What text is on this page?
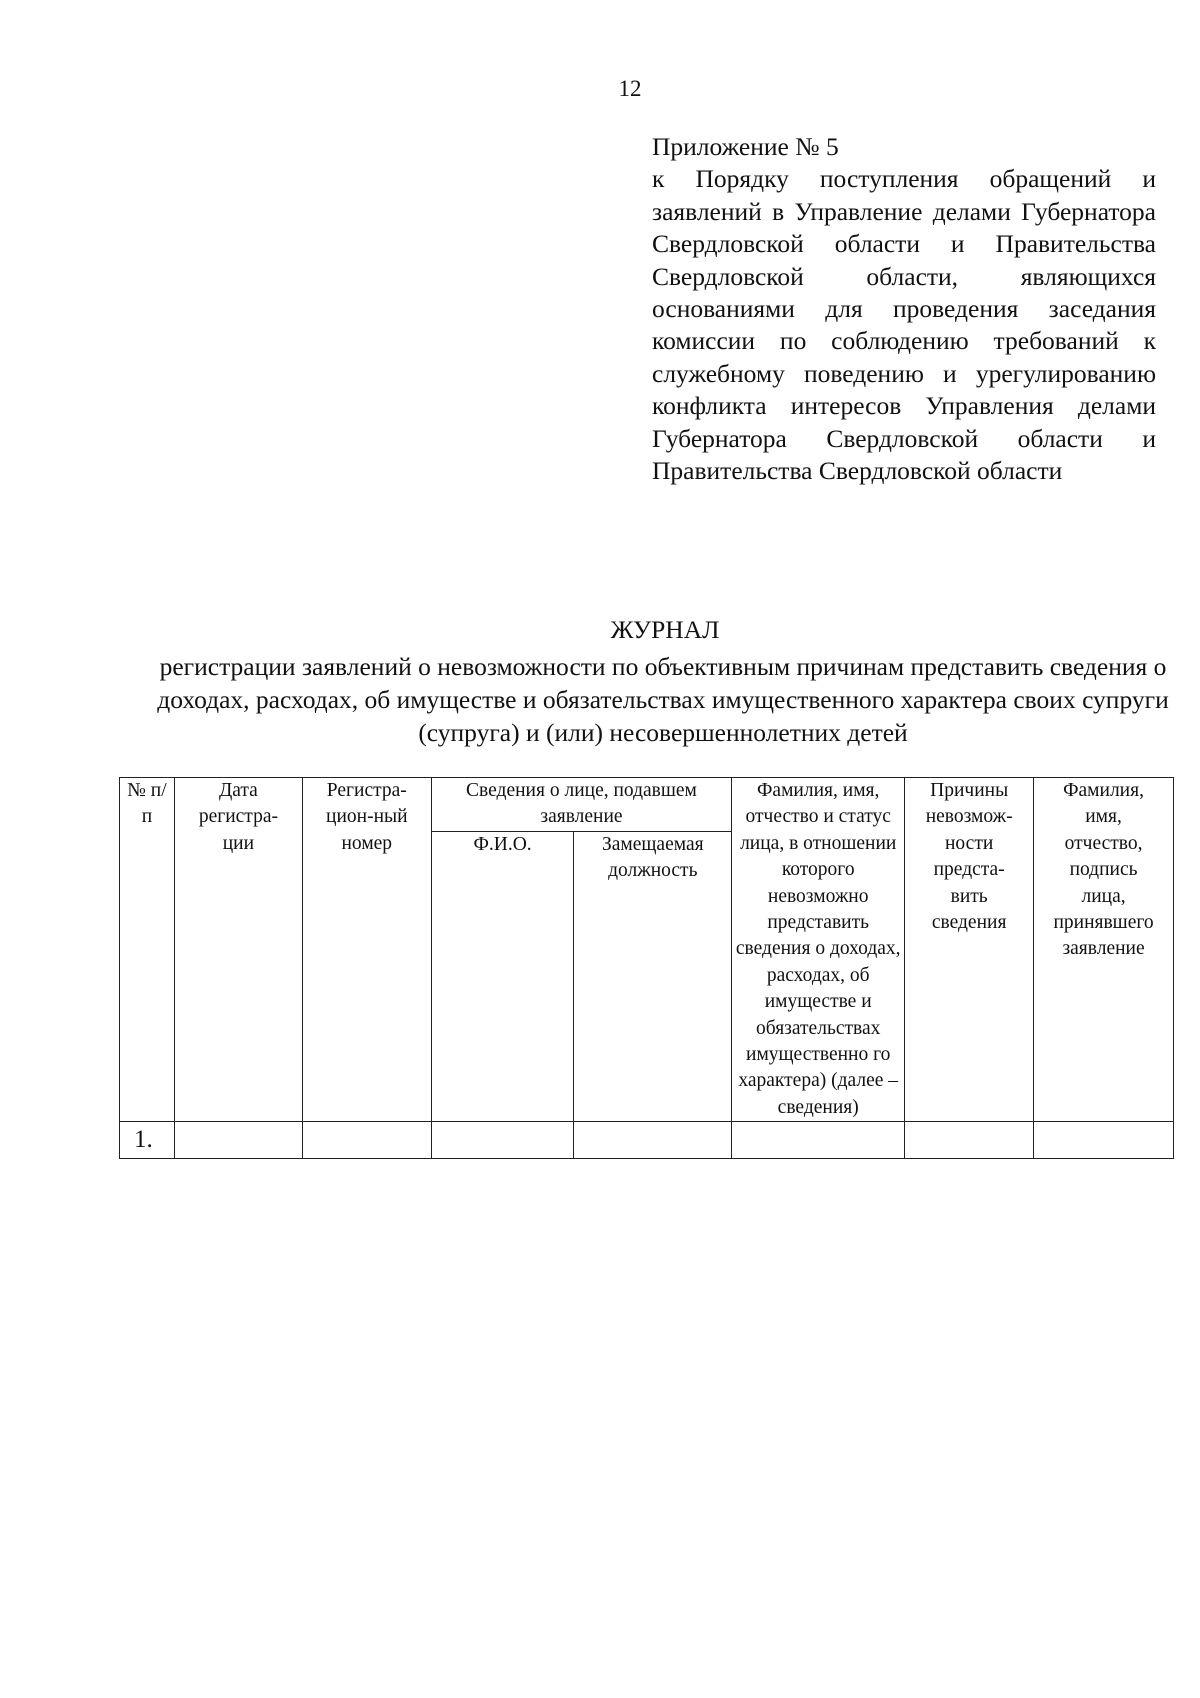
12
Приложение № 5
к Порядку поступления обращений и заявлений в Управление делами Губернатора Свердловской области и Правительства Свердловской области, являющихся основаниями для проведения заседания комиссии по соблюдению требований к служебному поведению и урегулированию конфликта интересов Управления делами Губернатора Свердловской области и Правительства Свердловской области
ЖУРНАЛ
регистрации заявлений о невозможности по объективным причинам представить сведения о доходах, расходах, об имуществе и обязательствах имущественного характера своих супруги (супруга) и (или) несовершеннолетних детей
№ п/п	Дата регистра-ции	Регистра-цион-ный номер	Сведения о лице, подавшем заявление		Фамилия, имя, отчество и статус лица, в отношении которого невозможно представить сведения о доходах, расходах, об имуществе и обязательствах имущественно го характера) (далее – сведения)	Причины невозмож-ности предста-вить сведения	Фамилия, имя, отчество, подпись лица, принявшего заявление

			Ф.И.О.	Замещаемая должность			

1.							
